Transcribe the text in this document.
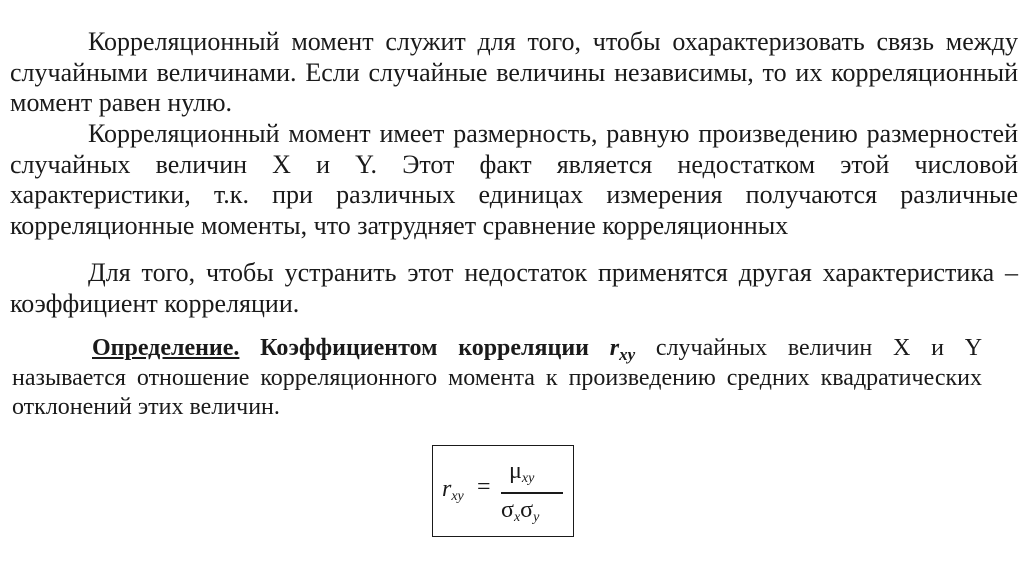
Корреляционный момент служит для того, чтобы охарактеризовать связь между случайными величинами. Если случайные величины независимы, то их корреляционный момент равен нулю.

Корреляционный момент имеет размерность, равную произведению размерностей случайных величин X и Y. Этот факт является недостатком этой числовой характеристики, т.к. при различных единицах измерения получаются различные корреляционные моменты, что затрудняет сравнение корреляционных

Для того, чтобы устранить этот недостаток применятся другая характеристика – коэффициент корреляции.

Определение. Коэффициентом корреляции $r_{xy}$ случайных величин X и Y называется отношение корреляционного момента к произведению средних квадратических отклонений этих величин.

$r_{xy}$ =
$\mu_{xy}$
$\sigma_x\sigma_y$
